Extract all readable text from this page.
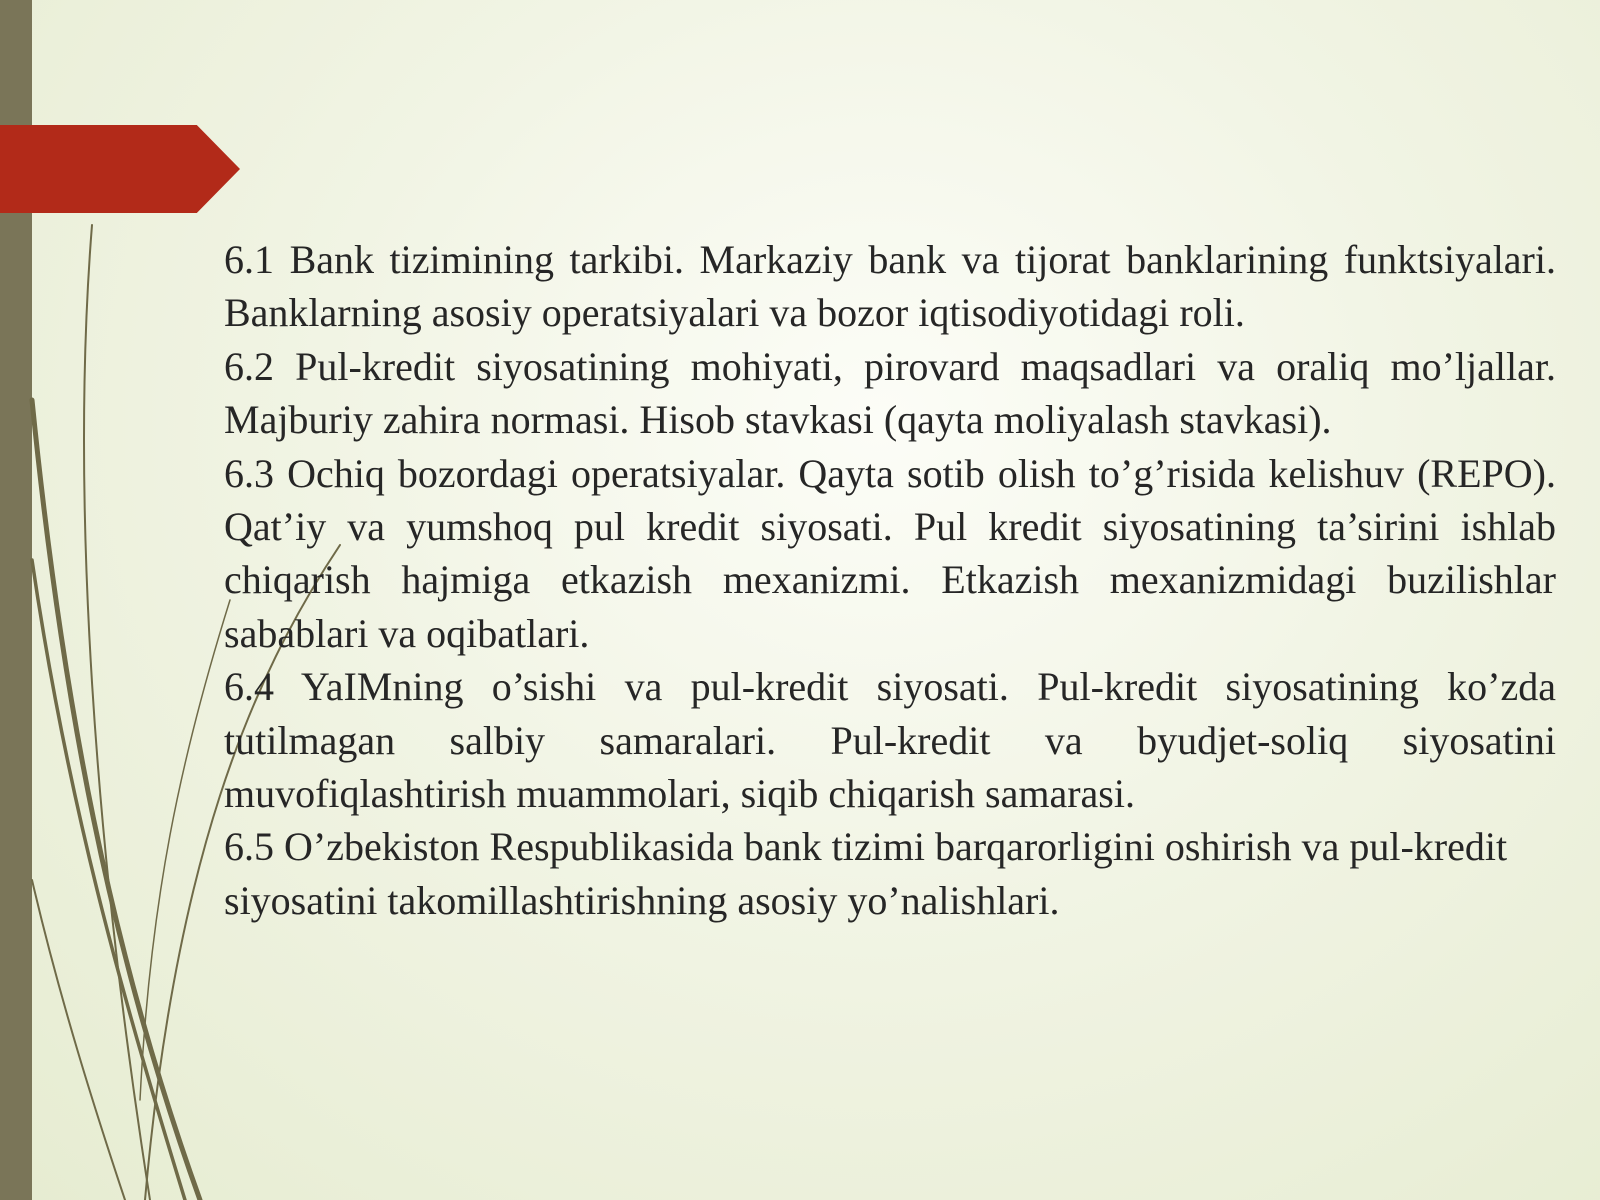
6.1 Bank tizimining tarkibi. Markaziy bank va tijorat banklarining funktsiyalari. Banklarning asosiy operatsiyalari va bozor iqtisodiyotidagi roli.

6.2 Pul-kredit siyosatining mohiyati, pirovard maqsadlari va oraliq mo’ljallar. Majburiy zahira normasi. Hisob stavkasi (qayta moliyalash stavkasi).

6.3 Ochiq bozordagi operatsiyalar. Qayta sotib olish to’g’risida kelishuv (REPO). Qat’iy va yumshoq pul kredit siyosati. Pul kredit siyosatining ta’sirini ishlab chiqarish hajmiga etkazish mexanizmi. Etkazish mexanizmidagi buzilishlar sabablari va oqibatlari.

6.4 YaIMning o’sishi va pul-kredit siyosati. Pul-kredit siyosatining ko’zda tutilmagan salbiy samaralari. Pul-kredit va byudjet-soliq siyosatini muvofiqlashtirish muammolari, siqib chiqarish samarasi.

6.5 O’zbekiston Respublikasida bank tizimi barqarorligini oshirish va pul-kredit siyosatini takomillashtirishning asosiy yo’nalishlari.
